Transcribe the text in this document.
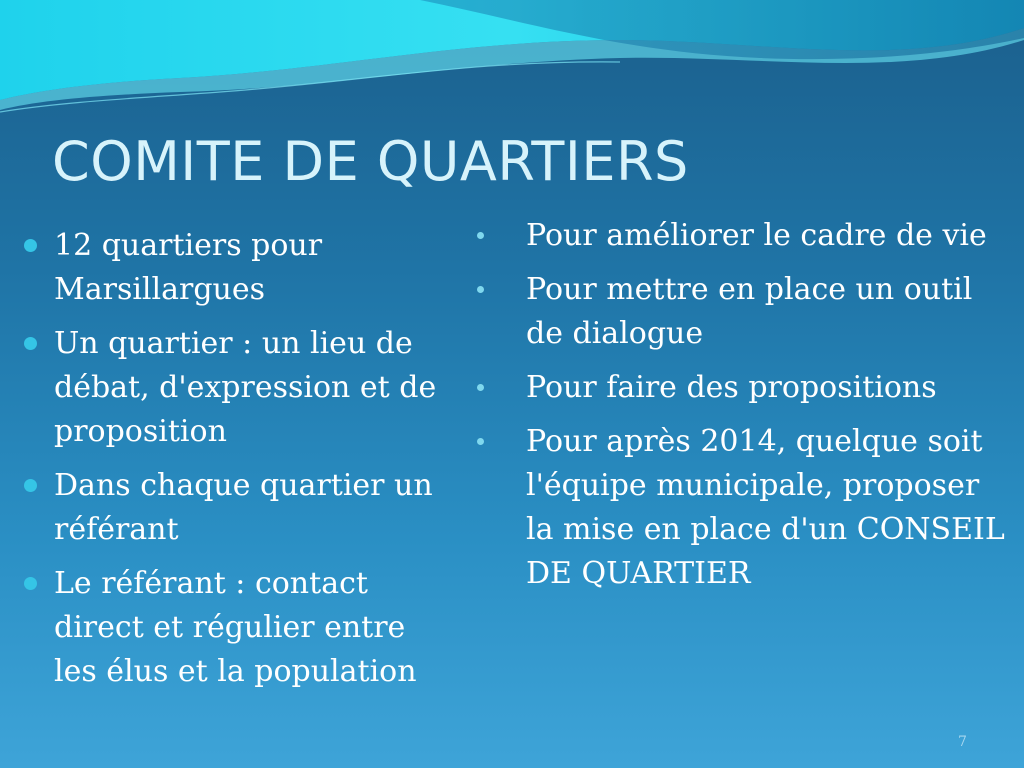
COMITE DE QUARTIERS
12 quartiers pour Marsillargues
Un quartier : un lieu de débat, d'expression et de proposition
Dans chaque quartier un référant
Le référant : contact direct et régulier entre les élus et la population
Pour améliorer le cadre de vie
Pour mettre en place un outil de dialogue
Pour faire des propositions
Pour après 2014, quelque soit l'équipe municipale, proposer la mise en place d'un CONSEIL DE QUARTIER
7
